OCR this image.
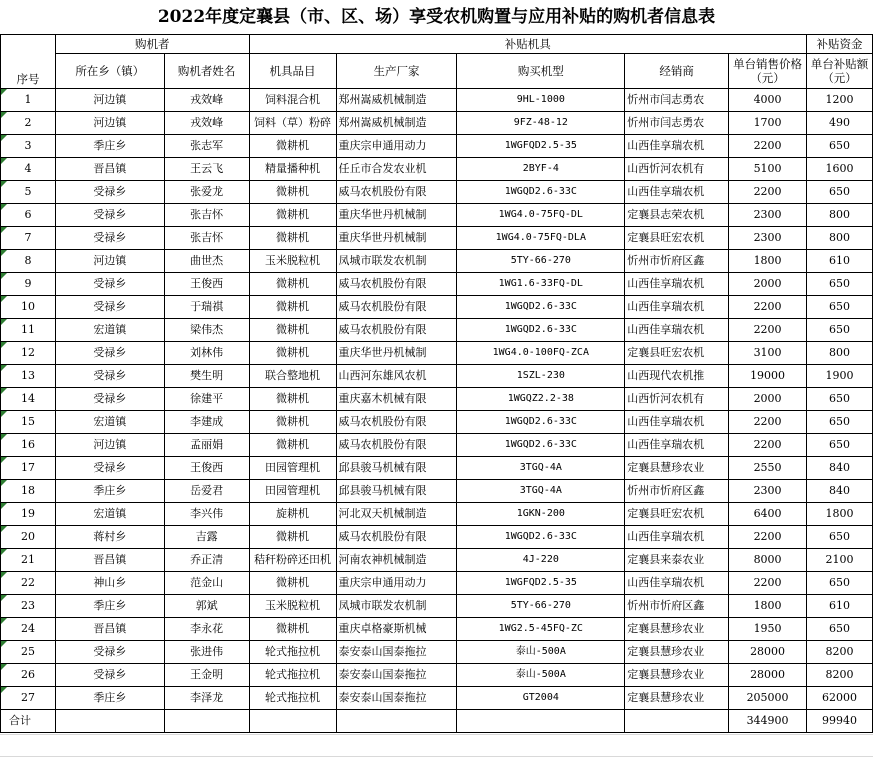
2022年度定襄县（市、区、场）享受农机购置与应用补贴的购机者信息表
序号	购机者		补贴机具					补贴资金
	所在乡（镇）	购机者姓名	机具品目	生产厂家	购买机型	经销商	单台销售价格（元）	单台补贴额（元）
1	河边镇	戎效峰	饲料混合机	郑州嵩威机械制造	9HL-1000	忻州市闫志勇农	4000	1200
2	河边镇	戎效峰	饲料（草）粉碎	郑州嵩威机械制造	9FZ-48-12	忻州市闫志勇农	1700	490
3	季庄乡	张志军	微耕机	重庆宗申通用动力	1WGFQD2.5-35	山西佳享瑞农机	2200	650
4	晋昌镇	王云飞	精量播种机	任丘市合发农业机	2BYF-4	山西忻河农机有	5100	1600
5	受禄乡	张爱龙	微耕机	威马农机股份有限	1WGQD2.6-33C	山西佳享瑞农机	2200	650
6	受禄乡	张吉怀	微耕机	重庆华世丹机械制	1WG4.0-75FQ-DL	定襄县志荣农机	2300	800
7	受禄乡	张吉怀	微耕机	重庆华世丹机械制	1WG4.0-75FQ-DLA	定襄县旺宏农机	2300	800
8	河边镇	曲世杰	玉米脱粒机	凤城市联发农机制	5TY-66-270	忻州市忻府区鑫	1800	610
9	受禄乡	王俊西	微耕机	威马农机股份有限	1WG1.6-33FQ-DL	山西佳享瑞农机	2000	650
10	受禄乡	于瑞祺	微耕机	威马农机股份有限	1WGQD2.6-33C	山西佳享瑞农机	2200	650
11	宏道镇	梁伟杰	微耕机	威马农机股份有限	1WGQD2.6-33C	山西佳享瑞农机	2200	650
12	受禄乡	刘林伟	微耕机	重庆华世丹机械制	1WG4.0-100FQ-ZCA	定襄县旺宏农机	3100	800
13	受禄乡	樊生明	联合整地机	山西河东雄风农机	1SZL-230	山西现代农机推	19000	1900
14	受禄乡	徐建平	微耕机	重庆嘉木机械有限	1WGQZ2.2-38	山西忻河农机有	2000	650
15	宏道镇	李建成	微耕机	威马农机股份有限	1WGQD2.6-33C	山西佳享瑞农机	2200	650
16	河边镇	孟丽娟	微耕机	威马农机股份有限	1WGQD2.6-33C	山西佳享瑞农机	2200	650
17	受禄乡	王俊西	田园管理机	邱县骏马机械有限	3TGQ-4A	定襄县慧珍农业	2550	840
18	季庄乡	岳爱君	田园管理机	邱县骏马机械有限	3TGQ-4A	忻州市忻府区鑫	2300	840
19	宏道镇	李兴伟	旋耕机	河北双天机械制造	1GKN-200	定襄县旺宏农机	6400	1800
20	蒋村乡	吉露	微耕机	威马农机股份有限	1WGQD2.6-33C	山西佳享瑞农机	2200	650
21	晋昌镇	乔正清	秸秆粉碎还田机	河南农神机械制造	4J-220	定襄县来泰农业	8000	2100
22	神山乡	范金山	微耕机	重庆宗申通用动力	1WGFQD2.5-35	山西佳享瑞农机	2200	650
23	季庄乡	郭斌	玉米脱粒机	凤城市联发农机制	5TY-66-270	忻州市忻府区鑫	1800	610
24	晋昌镇	李永花	微耕机	重庆卓格豪斯机械	1WG2.5-45FQ-ZC	定襄县慧珍农业	1950	650
25	受禄乡	张进伟	轮式拖拉机	泰安泰山国泰拖拉	泰山-500A	定襄县慧珍农业	28000	8200
26	受禄乡	王金明	轮式拖拉机	泰安泰山国泰拖拉	泰山-500A	定襄县慧珍农业	28000	8200
27	季庄乡	李泽龙	轮式拖拉机	泰安泰山国泰拖拉	GT2004	定襄县慧珍农业	205000	62000
合计							344900	99940
